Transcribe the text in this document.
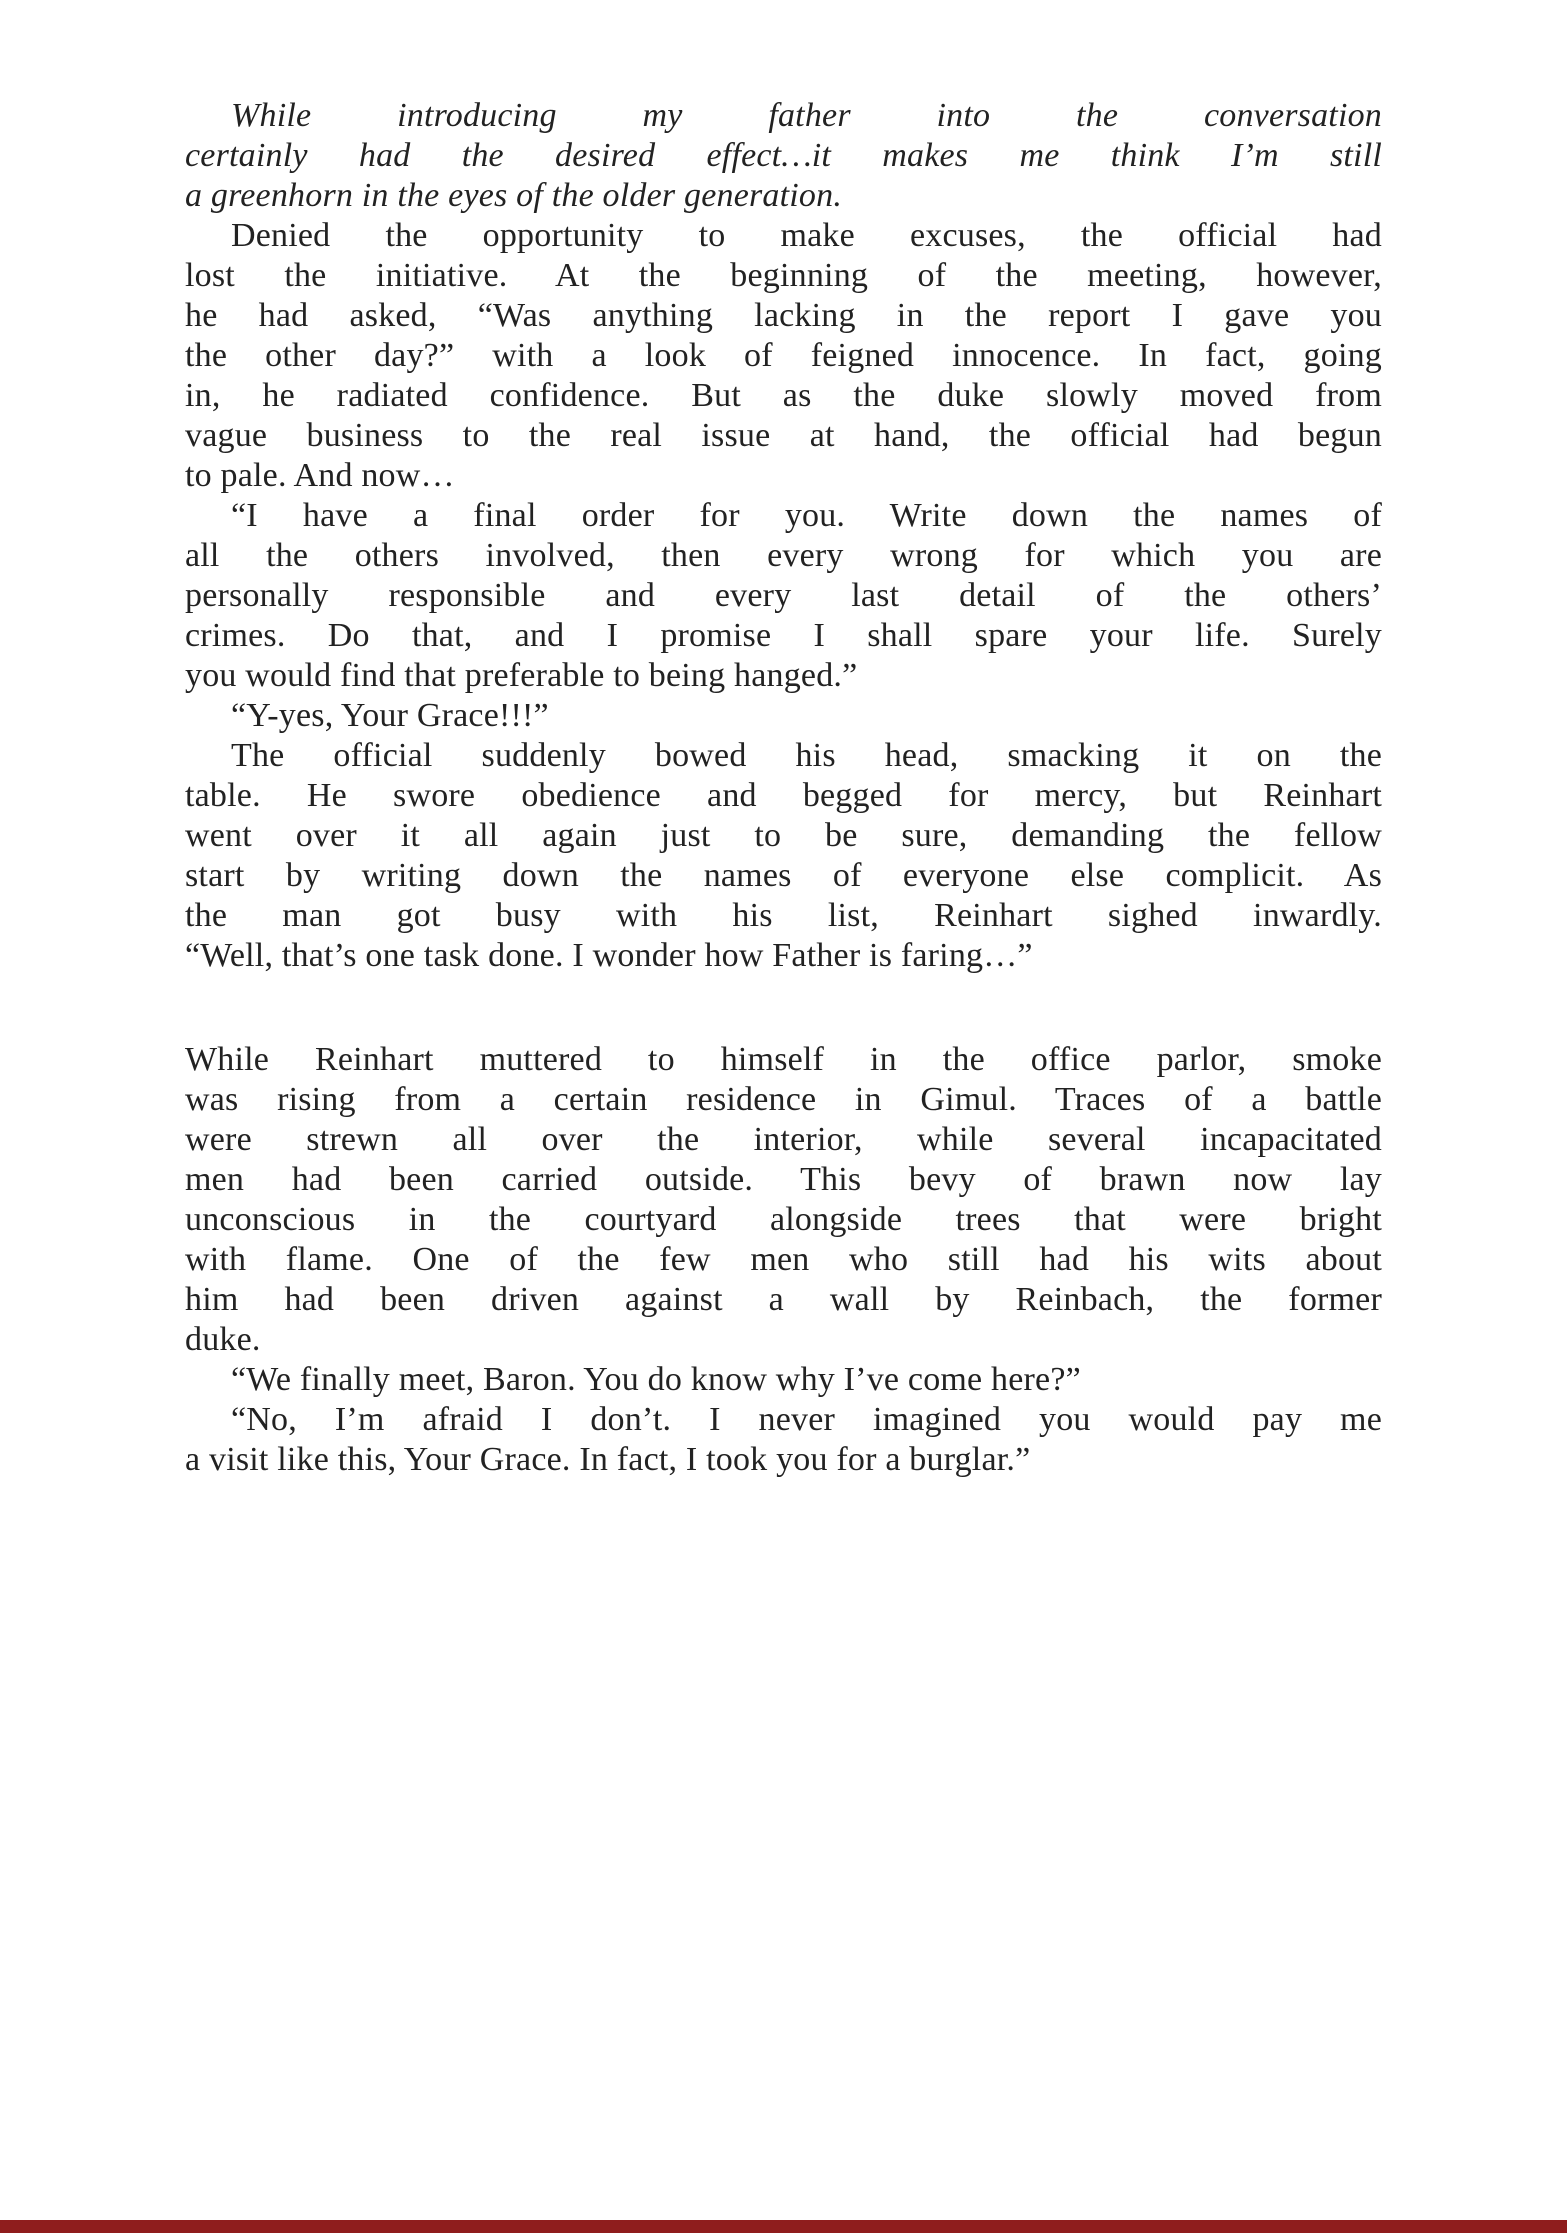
While introducing my father into the conversation
certainly had the desired effect…it makes me think I’m still
a greenhorn in the eyes of the older generation.
Denied the opportunity to make excuses, the official had
lost the initiative. At the beginning of the meeting, however,
he had asked, “Was anything lacking in the report I gave you
the other day?” with a look of feigned innocence. In fact, going
in, he radiated confidence. But as the duke slowly moved from
vague business to the real issue at hand, the official had begun
to pale. And now…
“I have a final order for you. Write down the names of
all the others involved, then every wrong for which you are
personally responsible and every last detail of the others’
crimes. Do that, and I promise I shall spare your life. Surely
you would find that preferable to being hanged.”
“Y-yes, Your Grace!!!”
The official suddenly bowed his head, smacking it on the
table. He swore obedience and begged for mercy, but Reinhart
went over it all again just to be sure, demanding the fellow
start by writing down the names of everyone else complicit. As
the man got busy with his list, Reinhart sighed inwardly.
“Well, that’s one task done. I wonder how Father is faring…”
While Reinhart muttered to himself in the office parlor, smoke
was rising from a certain residence in Gimul. Traces of a battle
were strewn all over the interior, while several incapacitated
men had been carried outside. This bevy of brawn now lay
unconscious in the courtyard alongside trees that were bright
with flame. One of the few men who still had his wits about
him had been driven against a wall by Reinbach, the former
duke.
“We finally meet, Baron. You do know why I’ve come here?”
“No, I’m afraid I don’t. I never imagined you would pay me
a visit like this, Your Grace. In fact, I took you for a burglar.”
